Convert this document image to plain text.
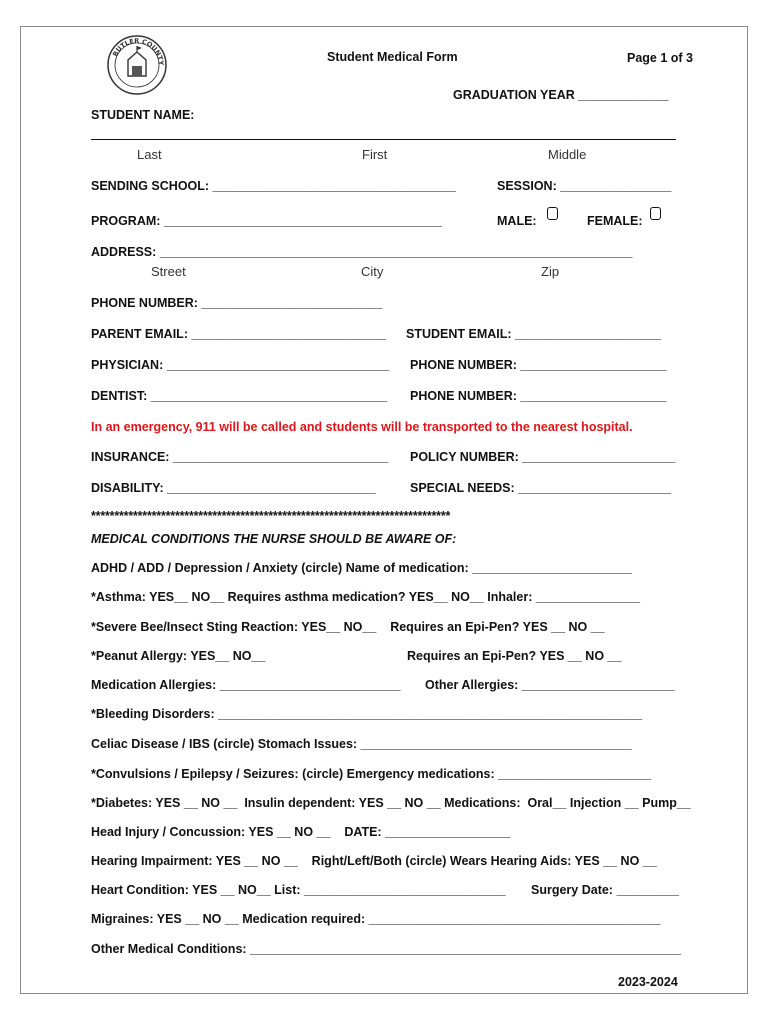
BUTLER COUNTY	Student Medical Form	Page 1 of 3
GRADUATION YEAR _____________
STUDENT NAME:
Last	First	Middle
SENDING SCHOOL: ___________________________________	SESSION: ________________
PROGRAM: ________________________________________	MALE:	FEMALE:
ADDRESS: ____________________________________________________________________
Street	City	Zip
PHONE NUMBER: __________________________
PARENT EMAIL: ____________________________ STUDENT EMAIL: _____________________
PHYSICIAN: ________________________________ PHONE NUMBER: _____________________
DENTIST: __________________________________ PHONE NUMBER: _____________________
In an emergency, 911 will be called and students will be transported to the nearest hospital.
INSURANCE: _______________________________ POLICY NUMBER: ______________________
DISABILITY: ______________________________	SPECIAL NEEDS: ______________________
*****************************************************************************
MEDICAL CONDITIONS THE NURSE SHOULD BE AWARE OF:
ADHD / ADD / Depression / Anxiety (circle) Name of medication: _______________________
*Asthma: YES__ NO__ Requires asthma medication? YES__ NO__ Inhaler: _______________
*Severe Bee/Insect Sting Reaction: YES__ NO__    Requires an Epi-Pen? YES __ NO __
*Peanut Allergy: YES__ NO__	Requires an Epi-Pen? YES __ NO __
Medication Allergies: __________________________ Other Allergies: ______________________
*Bleeding Disorders: _____________________________________________________________
Celiac Disease / IBS (circle) Stomach Issues: _______________________________________
*Convulsions / Epilepsy / Seizures: (circle) Emergency medications: ______________________
*Diabetes: YES __ NO __  Insulin dependent: YES __ NO __ Medications:  Oral__ Injection __ Pump__
Head Injury / Concussion: YES __ NO __    DATE: __________________
Hearing Impairment: YES __ NO __    Right/Left/Both (circle) Wears Hearing Aids: YES __ NO __
Heart Condition: YES __ NO__ List: _____________________________ Surgery Date: _________
Migraines: YES __ NO __ Medication required: __________________________________________
Other Medical Conditions: ______________________________________________________________
2023-2024
